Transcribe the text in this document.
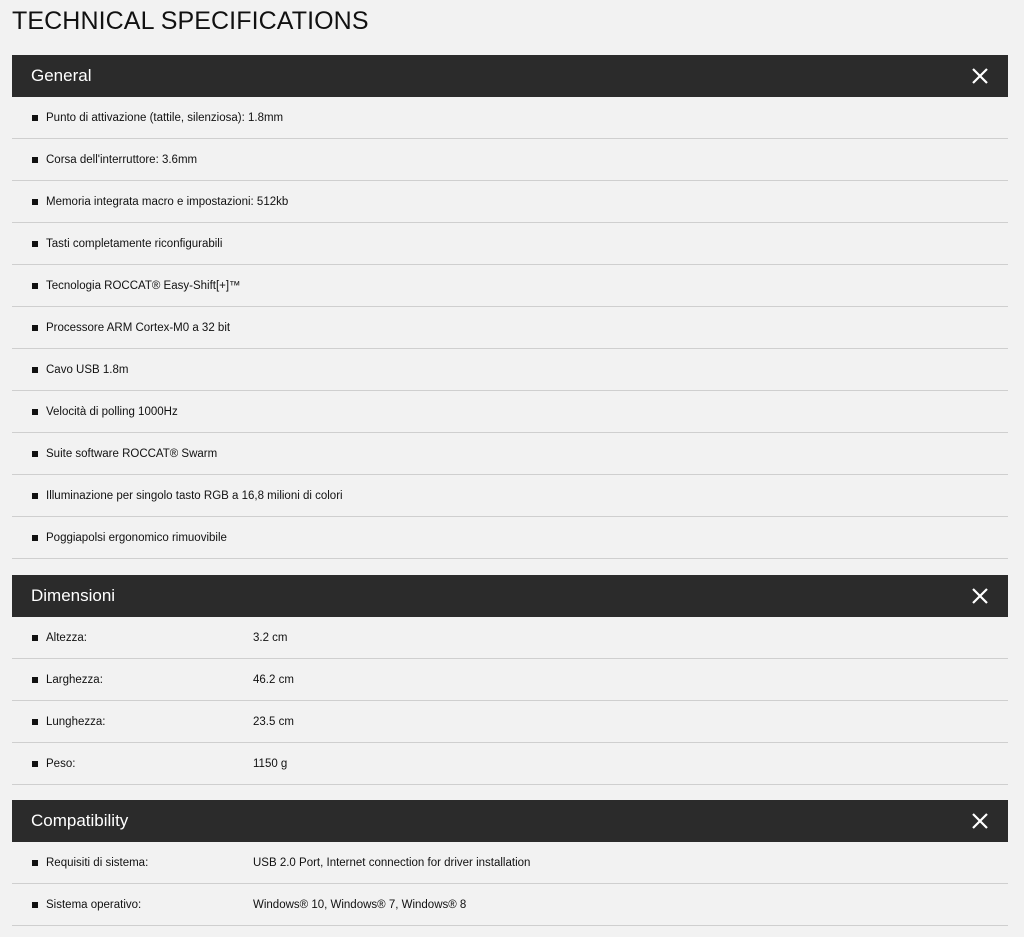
TECHNICAL SPECIFICATIONS
General
Punto di attivazione (tattile, silenziosa): 1.8mm
Corsa dell'interruttore: 3.6mm
Memoria integrata macro e impostazioni: 512kb
Tasti completamente riconfigurabili
Tecnologia ROCCAT® Easy-Shift[+]™
Processore ARM Cortex-M0 a 32 bit
Cavo USB 1.8m
Velocità di polling 1000Hz
Suite software ROCCAT® Swarm
Illuminazione per singolo tasto RGB a 16,8 milioni di colori
Poggiapolsi ergonomico rimuovibile
Dimensioni
Altezza:	3.2 cm
Larghezza:	46.2 cm
Lunghezza:	23.5 cm
Peso:	1150 g
Compatibility
Requisiti di sistema:	USB 2.0 Port, Internet connection for driver installation
Sistema operativo:	Windows® 10, Windows® 7, Windows® 8
